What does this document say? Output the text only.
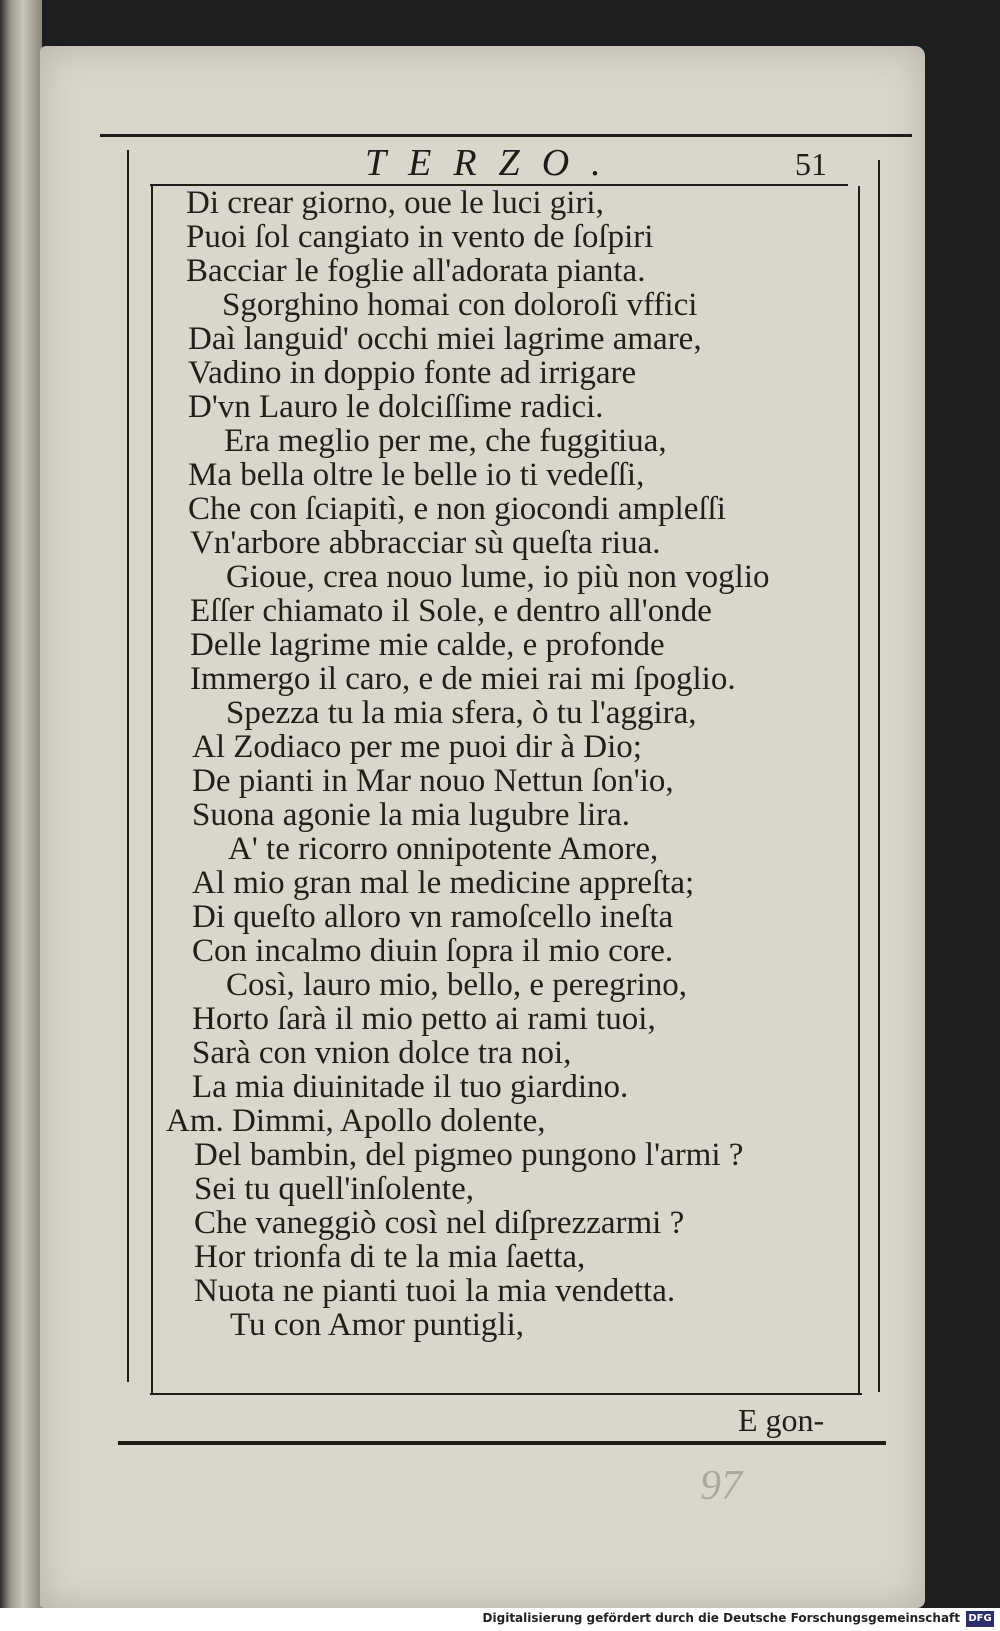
TERZO.	51
Di crear giorno, oue le luci giri,
Puoi ſol cangiato in vento de ſoſpiri
Bacciar le foglie all'adorata pianta.
Sgorghino homai con doloroſi vffici
Daì languid' occhi miei lagrime amare,
Vadino in doppio fonte ad irrigare
D'vn Lauro le dolciſſime radici.
Era meglio per me, che fuggitiua,
Ma bella oltre le belle io ti vedeſſi,
Che con ſciapitì, e non giocondi ampleſſi
Vn'arbore abbracciar sù queſta riua.
Gioue, crea nouo lume, io più non voglio
Eſſer chiamato il Sole, e dentro all'onde
Delle lagrime mie calde, e profonde
Immergo il caro, e de miei rai mi ſpoglio.
Spezza tu la mia sfera, ò tu l'aggira,
Al Zodiaco per me puoi dir à Dio;
De pianti in Mar nouo Nettun ſon'io,
Suona agonie la mia lugubre lira.
A' te ricorro onnipotente Amore,
Al mio gran mal le medicine appreſta;
Di queſto alloro vn ramoſcello ineſta
Con incalmo diuin ſopra il mio core.
Così, lauro mio, bello, e peregrino,
Horto ſarà il mio petto ai rami tuoi,
Sarà con vnion dolce tra noi,
La mia diuinitade il tuo giardino.
Am. Dimmi, Apollo dolente,
Del bambin, del pigmeo pungono l'armi ?
Sei tu quell'inſolente,
Che vaneggiò così nel diſprezzarmi ?
Hor trionfa di te la mia ſaetta,
Nuota ne pianti tuoi la mia vendetta.
Tu con Amor puntigli,
E gon-
97
Digitalisierung gefördert durch die Deutsche Forschungsgemeinschaft DFG
